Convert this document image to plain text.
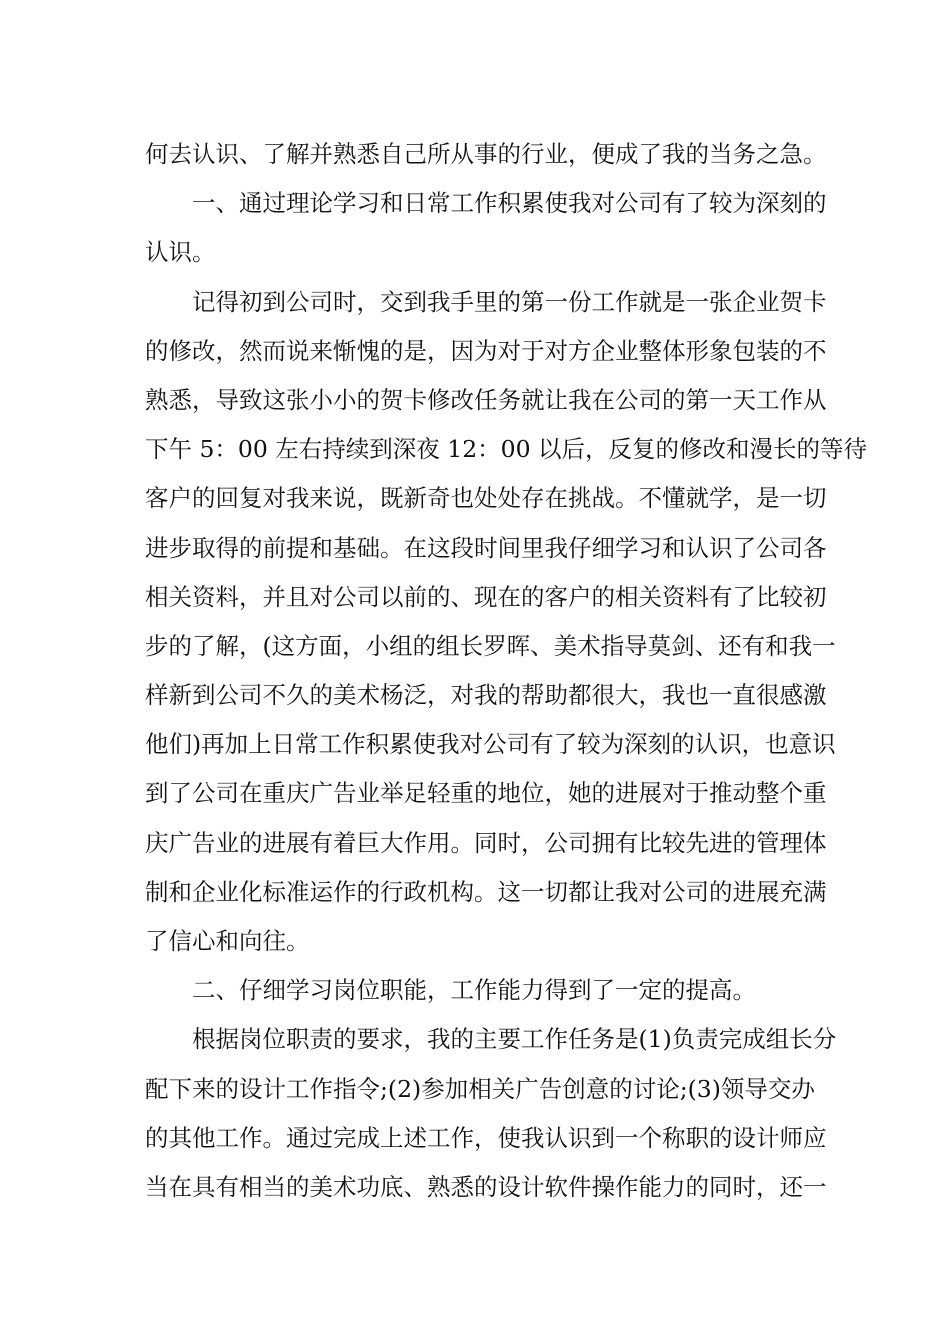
何去认识、了解并熟悉自己所从事的行业，便成了我的当务之急。
一、通过理论学习和日常工作积累使我对公司有了较为深刻的
认识。
记得初到公司时，交到我手里的第一份工作就是一张企业贺卡
的修改，然而说来惭愧的是，因为对于对方企业整体形象包装的不
熟悉，导致这张小小的贺卡修改任务就让我在公司的第一天工作从
下午 5：00 左右持续到深夜 12：00 以后，反复的修改和漫长的等待
客户的回复对我来说，既新奇也处处存在挑战。不懂就学，是一切
进步取得的前提和基础。在这段时间里我仔细学习和认识了公司各
相关资料，并且对公司以前的、现在的客户的相关资料有了比较初
步的了解，(这方面，小组的组长罗晖、美术指导莫剑、还有和我一
样新到公司不久的美术杨泛，对我的帮助都很大，我也一直很感激
他们)再加上日常工作积累使我对公司有了较为深刻的认识，也意识
到了公司在重庆广告业举足轻重的地位，她的进展对于推动整个重
庆广告业的进展有着巨大作用。同时，公司拥有比较先进的管理体
制和企业化标准运作的行政机构。这一切都让我对公司的进展充满
了信心和向往。
二、仔细学习岗位职能，工作能力得到了一定的提高。
根据岗位职责的要求，我的主要工作任务是(1)负责完成组长分
配下来的设计工作指令;(2)参加相关广告创意的讨论;(3)领导交办
的其他工作。通过完成上述工作，使我认识到一个称职的设计师应
当在具有相当的美术功底、熟悉的设计软件操作能力的同时，还一
